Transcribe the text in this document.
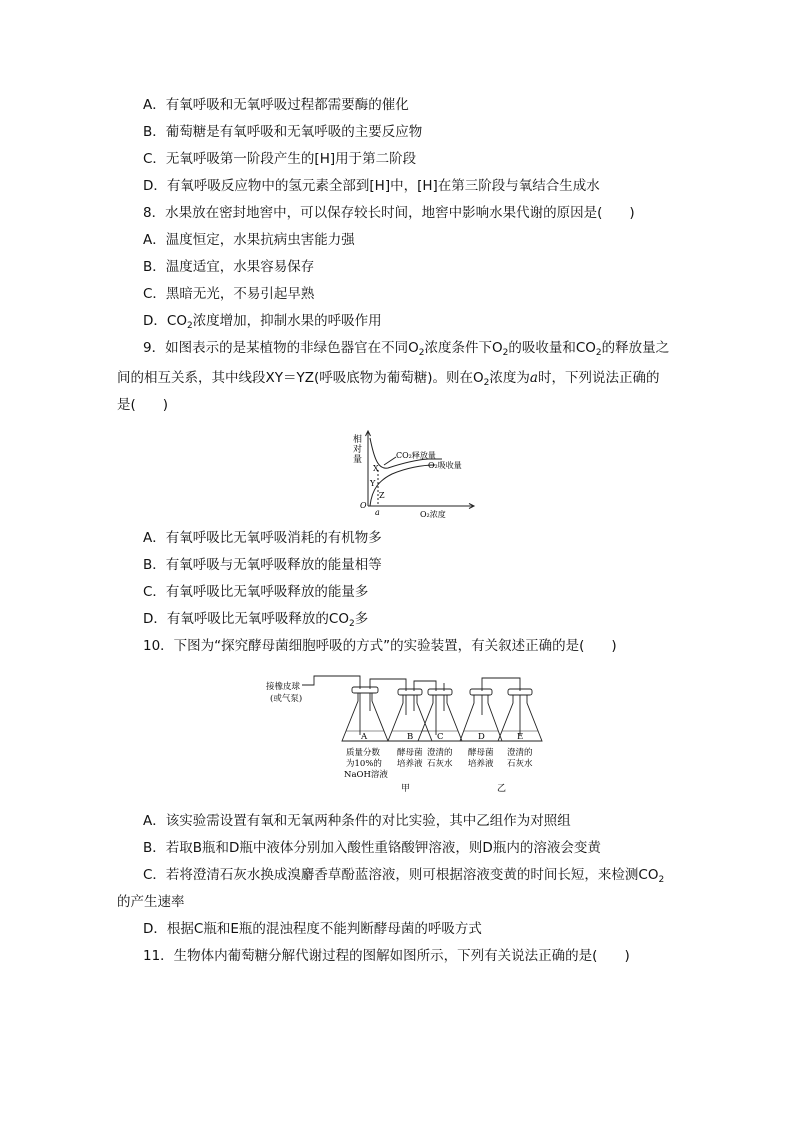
A．有氧呼吸和无氧呼吸过程都需要酶的催化
B．葡萄糖是有氧呼吸和无氧呼吸的主要反应物
C．无氧呼吸第一阶段产生的[H]用于第二阶段
D．有氧呼吸反应物中的氢元素全部到[H]中，[H]在第三阶段与氧结合生成水
8．水果放在密封地窖中，可以保存较长时间，地窖中影响水果代谢的原因是(　　)
A．温度恒定，水果抗病虫害能力强
B．温度适宜，水果容易保存
C．黑暗无光，不易引起早熟
D．$CO_2$浓度增加，抑制水果的呼吸作用
9．如图表示的是某植物的非绿色器官在不同$O_2$浓度条件下$O_2$的吸收量和$CO_2$的释放量之
间的相互关系，其中线段XY＝YZ(呼吸底物为葡萄糖)。则在$O_2$浓度为a时，下列说法正确的
是(　　)
相
对
量	CO₂释放量
O₂吸收量
X
Y
Z
O
a	O₂浓度
A．有氧呼吸比无氧呼吸消耗的有机物多
B．有氧呼吸与无氧呼吸释放的能量相等
C．有氧呼吸比无氧呼吸释放的能量多
D．有氧呼吸比无氧呼吸释放的$CO_2$多
10．下图为“探究酵母菌细胞呼吸的方式”的实验装置，有关叙述正确的是(　　)
接橡皮球
(或气泵)
A	B	C	D	E
质量分数
为10%的
NaOH溶液
酵母菌
培养液
澄清的
石灰水
酵母菌
培养液
澄清的
石灰水
甲	乙
A．该实验需设置有氧和无氧两种条件的对比实验，其中乙组作为对照组
B．若取B瓶和D瓶中液体分别加入酸性重铬酸钾溶液，则D瓶内的溶液会变黄
C．若将澄清石灰水换成溴麝香草酚蓝溶液，则可根据溶液变黄的时间长短，来检测$CO_2$
的产生速率
D．根据C瓶和E瓶的混浊程度不能判断酵母菌的呼吸方式
11．生物体内葡萄糖分解代谢过程的图解如图所示，下列有关说法正确的是(　　)
